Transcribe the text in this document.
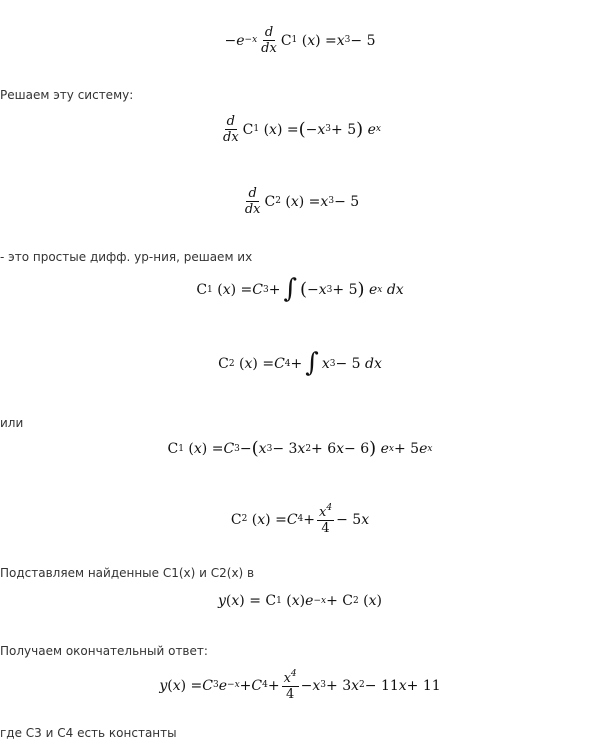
− $e -x \frac{d}{dx}$ C 1 ( x ) = x 3 − 5
Решаем эту систему:
$\frac{d}{dx}$ C 1 ( x ) = ( − x 3 + 5 )
e x
$\frac{d}{dx}$ C 2 ( x ) = x 3 − 5
- это простые дифф. ур-ния, решаем их
C 1 ( x ) = C 3 + ∫ ( − x 3 + 5 )
e x
dx
C 2 ( x ) = C 4 + ∫ x 3 − 5 dx
или
C 1 ( x ) = C 3 − ( x 3 − 3 x 2 + 6 x − 6 )
e x + 5 e x
C 2 ( x ) = C $4 + \frac{x^4}{4} - 5$ x
Подставляем найденные C1(x) и C2(x) в
y ( x ) = C 1 ( x ) e −x + C 2 ( x )
Получаем окончательный ответ:
y ( x ) = C 3 e −x + C $4 + \frac{x^4}{4} - x$ 3 + 3 x 2 − 11 x + 11
где C3 и C4 есть константы
